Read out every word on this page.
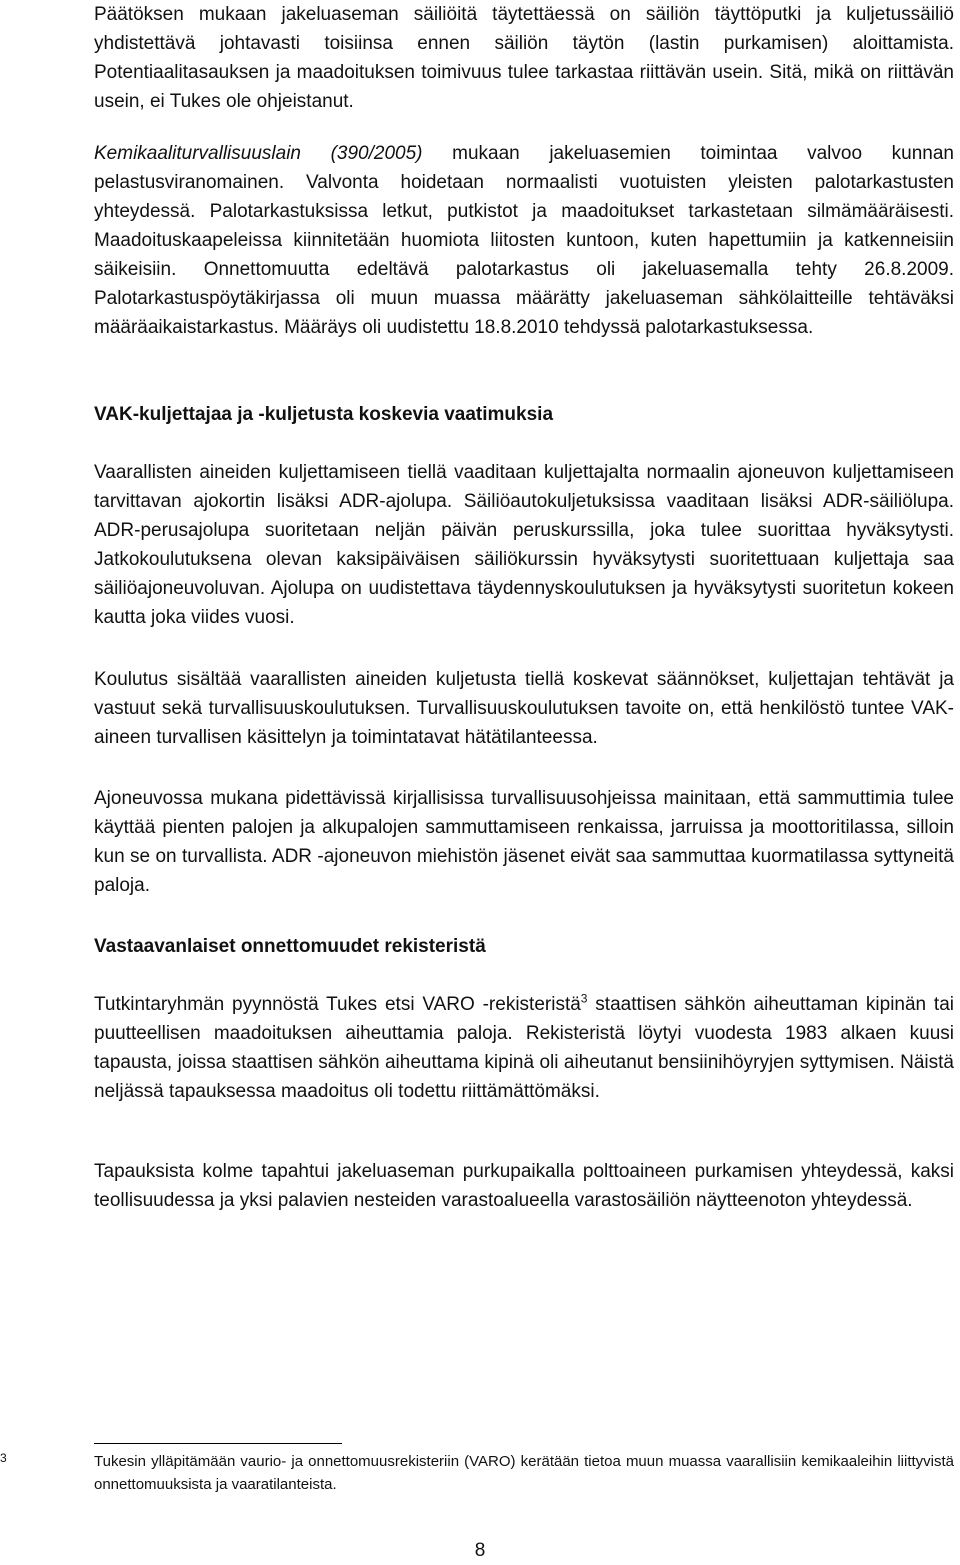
Päätöksen mukaan jakeluaseman säiliöitä täytettäessä on säiliön täyttöputki ja kuljetussäiliö yhdistettävä johtavasti toisiinsa ennen säiliön täytön (lastin purkamisen) aloittamista. Potentiaalitasauksen ja maadoituksen toimivuus tulee tarkastaa riittävän usein. Sitä, mikä on riittävän usein, ei Tukes ole ohjeistanut.

Kemikaaliturvallisuuslain (390/2005) mukaan jakeluasemien toimintaa valvoo kunnan pelastusviranomainen. Valvonta hoidetaan normaalisti vuotuisten yleisten palotarkastusten yhteydessä. Palotarkastuksissa letkut, putkistot ja maadoitukset tarkastetaan silmämääräisesti. Maadoituskaapeleissa kiinnitetään huomiota liitosten kuntoon, kuten hapettumiin ja katkenneisiin säikeisiin. Onnettomuutta edeltävä palotarkastus oli jakeluasemalla tehty 26.8.2009. Palotarkastuspöytäkirjassa oli muun muassa määrätty jakeluaseman sähkölaitteille tehtäväksi määräaikaistarkastus. Määräys oli uudistettu 18.8.2010 tehdyssä palotarkastuksessa.

VAK-kuljettajaa ja -kuljetusta koskevia vaatimuksia

Vaarallisten aineiden kuljettamiseen tiellä vaaditaan kuljettajalta normaalin ajoneuvon kuljettamiseen tarvittavan ajokortin lisäksi ADR-ajolupa. Säiliöautokuljetuksissa vaaditaan lisäksi ADR-säiliölupa. ADR-perusajolupa suoritetaan neljän päivän peruskurssilla, joka tulee suorittaa hyväksytysti. Jatkokoulutuksena olevan kaksipäiväisen säiliökurssin hyväksytysti suoritettuaan kuljettaja saa säiliöajoneuvoluvan. Ajolupa on uudistettava täydennyskoulutuksen ja hyväksytysti suoritetun kokeen kautta joka viides vuosi.

Koulutus sisältää vaarallisten aineiden kuljetusta tiellä koskevat säännökset, kuljettajan tehtävät ja vastuut sekä turvallisuuskoulutuksen. Turvallisuuskoulutuksen tavoite on, että henkilöstö tuntee VAK-aineen turvallisen käsittelyn ja toimintatavat hätätilanteessa.

Ajoneuvossa mukana pidettävissä kirjallisissa turvallisuusohjeissa mainitaan, että sammuttimia tulee käyttää pienten palojen ja alkupalojen sammuttamiseen renkaissa, jarruissa ja moottoritilassa, silloin kun se on turvallista. ADR -ajoneuvon miehistön jäsenet eivät saa sammuttaa kuormatilassa syttyneitä paloja.

Vastaavanlaiset onnettomuudet rekisteristä

Tutkintaryhmän pyynnöstä Tukes etsi VARO -rekisteristä$^3$ staattisen sähkön aiheuttaman kipinän tai puutteellisen maadoituksen aiheuttamia paloja. Rekisteristä löytyi vuodesta 1983 alkaen kuusi tapausta, joissa staattisen sähkön aiheuttama kipinä oli aiheutanut bensiinihöyryjen syttymisen. Näistä neljässä tapauksessa maadoitus oli todettu riittämättömäksi.

Tapauksista kolme tapahtui jakeluaseman purkupaikalla polttoaineen purkamisen yhteydessä, kaksi teollisuudessa ja yksi palavien nesteiden varastoalueella varastosäiliön näytteenoton yhteydessä.

3	Tukesin ylläpitämään vaurio- ja onnettomuusrekisteriin (VARO) kerätään tietoa muun muassa vaarallisiin kemikaaleihin liittyvistä onnettomuuksista ja vaaratilanteista.

8
